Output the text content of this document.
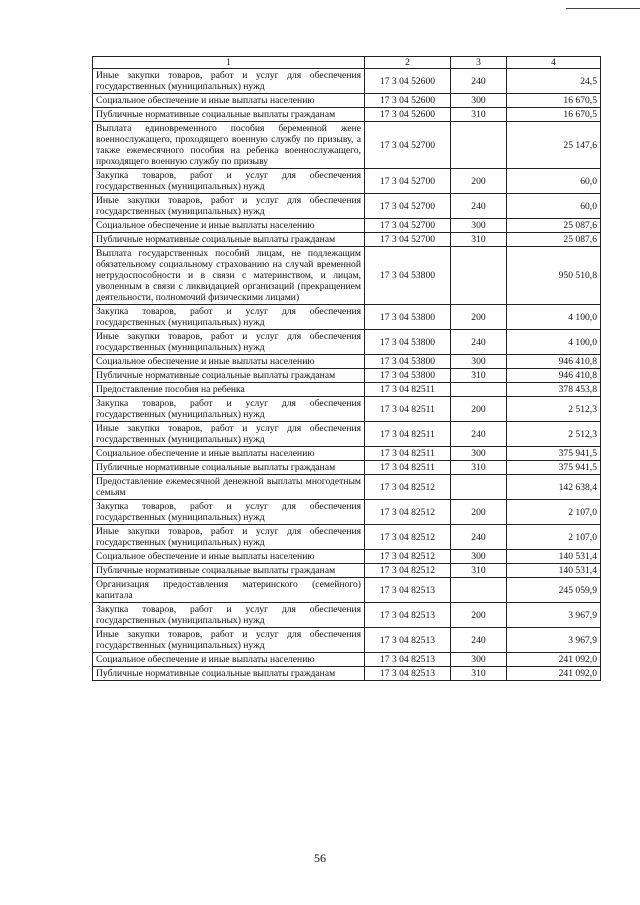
1	2	3	4
Иные закупки товаров, работ и услуг для обеспечения государственных (муниципальных) нужд	17 3 04 52600	240	24,5
Социальное обеспечение и иные выплаты населению	17 3 04 52600	300	16 670,5
Публичные нормативные социальные выплаты гражданам	17 3 04 52600	310	16 670,5
Выплата единовременного пособия беременной жене военнослужащего, проходящего военную службу по призыву, а также ежемесячного пособия на ребенка военнослужащего, проходящего военную службу по призыву	17 3 04 52700		25 147,6
Закупка товаров, работ и услуг для обеспечения государственных (муниципальных) нужд	17 3 04 52700	200	60,0
Иные закупки товаров, работ и услуг для обеспечения государственных (муниципальных) нужд	17 3 04 52700	240	60,0
Социальное обеспечение и иные выплаты населению	17 3 04 52700	300	25 087,6
Публичные нормативные социальные выплаты гражданам	17 3 04 52700	310	25 087,6
Выплата государственных пособий лицам, не подлежащим обязательному социальному страхованию на случай временной нетрудоспособности и в связи с материнством, и лицам, уволенным в связи с ликвидацией организаций (прекращением деятельности, полномочий физическими лицами)	17 3 04 53800		950 510,8
Закупка товаров, работ и услуг для обеспечения государственных (муниципальных) нужд	17 3 04 53800	200	4 100,0
Иные закупки товаров, работ и услуг для обеспечения государственных (муниципальных) нужд	17 3 04 53800	240	4 100,0
Социальное обеспечение и иные выплаты населению	17 3 04 53800	300	946 410,8
Публичные нормативные социальные выплаты гражданам	17 3 04 53800	310	946 410,8
Предоставление пособия на ребенка	17 3 04 82511		378 453,8
Закупка товаров, работ и услуг для обеспечения государственных (муниципальных) нужд	17 3 04 82511	200	2 512,3
Иные закупки товаров, работ и услуг для обеспечения государственных (муниципальных) нужд	17 3 04 82511	240	2 512,3
Социальное обеспечение и иные выплаты населению	17 3 04 82511	300	375 941,5
Публичные нормативные социальные выплаты гражданам	17 3 04 82511	310	375 941,5
Предоставление ежемесячной денежной выплаты многодетным семьям	17 3 04 82512		142 638,4
Закупка товаров, работ и услуг для обеспечения государственных (муниципальных) нужд	17 3 04 82512	200	2 107,0
Иные закупки товаров, работ и услуг для обеспечения государственных (муниципальных) нужд	17 3 04 82512	240	2 107,0
Социальное обеспечение и иные выплаты населению	17 3 04 82512	300	140 531,4
Публичные нормативные социальные выплаты гражданам	17 3 04 82512	310	140 531,4
Организация предоставления материнского (семейного) капитала	17 3 04 82513		245 059,9
Закупка товаров, работ и услуг для обеспечения государственных (муниципальных) нужд	17 3 04 82513	200	3 967,9
Иные закупки товаров, работ и услуг для обеспечения государственных (муниципальных) нужд	17 3 04 82513	240	3 967,9
Социальное обеспечение и иные выплаты населению	17 3 04 82513	300	241 092,0
Публичные нормативные социальные выплаты гражданам	17 3 04 82513	310	241 092,0
56
